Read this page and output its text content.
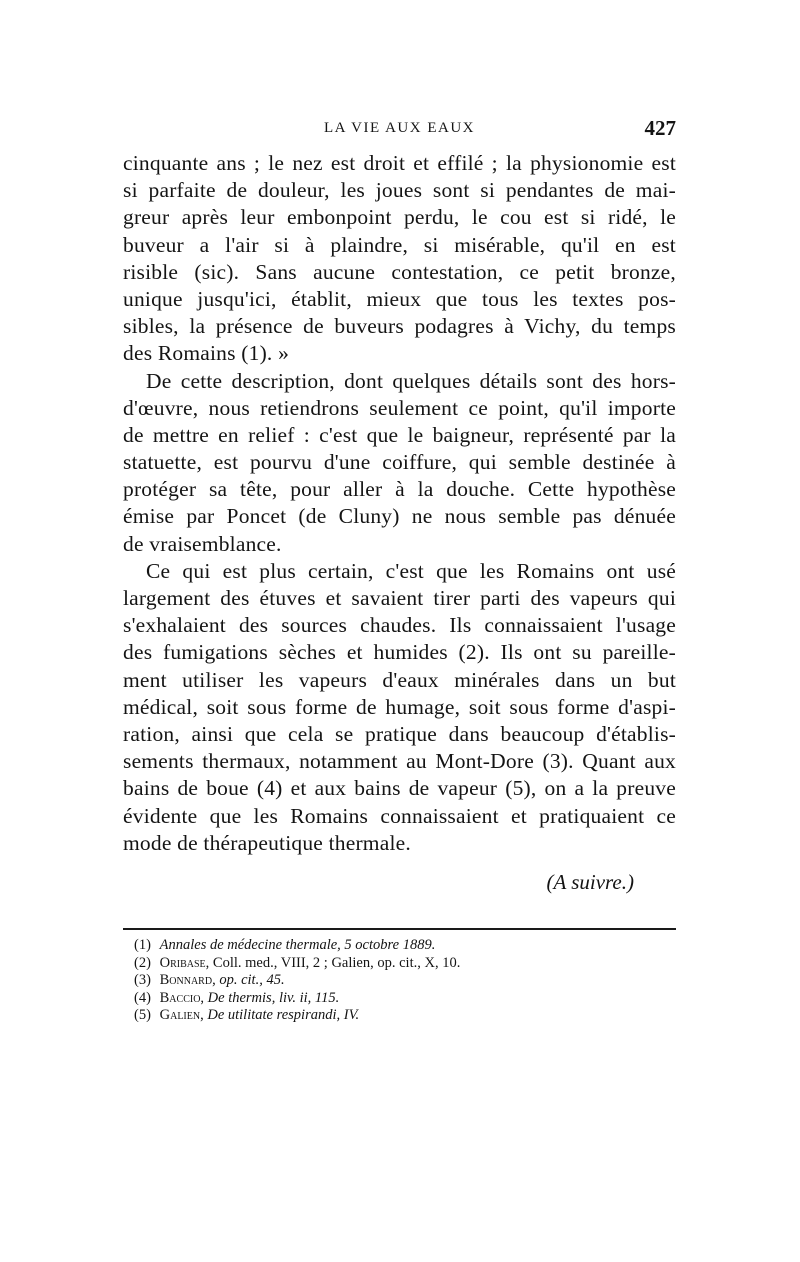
LA VIE AUX EAUX	427
cinquante ans ; le nez est droit et effilé ; la physionomie est
si parfaite de douleur, les joues sont si pendantes de mai-
greur après leur embonpoint perdu, le cou est si ridé, le
buveur a l'air si à plaindre, si misérable, qu'il en est
risible (sic). Sans aucune contestation, ce petit bronze,
unique jusqu'ici, établit, mieux que tous les textes pos-
sibles, la présence de buveurs podagres à Vichy, du temps
des Romains (1). »
De cette description, dont quelques détails sont des hors-
d'œuvre, nous retiendrons seulement ce point, qu'il importe
de mettre en relief : c'est que le baigneur, représenté par la
statuette, est pourvu d'une coiffure, qui semble destinée à
protéger sa tête, pour aller à la douche. Cette hypothèse
émise par Poncet (de Cluny) ne nous semble pas dénuée
de vraisemblance.
Ce qui est plus certain, c'est que les Romains ont usé
largement des étuves et savaient tirer parti des vapeurs qui
s'exhalaient des sources chaudes. Ils connaissaient l'usage
des fumigations sèches et humides (2). Ils ont su pareille-
ment utiliser les vapeurs d'eaux minérales dans un but
médical, soit sous forme de humage, soit sous forme d'aspi-
ration, ainsi que cela se pratique dans beaucoup d'établis-
sements thermaux, notamment au Mont-Dore (3). Quant aux
bains de boue (4) et aux bains de vapeur (5), on a la preuve
évidente que les Romains connaissaient et pratiquaient ce
mode de thérapeutique thermale.
(A suivre.)
(1) Annales de médecine thermale, 5 octobre 1889.
(2) Oribase, Coll. med., VIII, 2 ; Galien, op. cit., X, 10.
(3) Bonnard, op. cit., 45.
(4) Baccio, De thermis, liv. ii, 115.
(5) Galien, De utilitate respirandi, IV.
